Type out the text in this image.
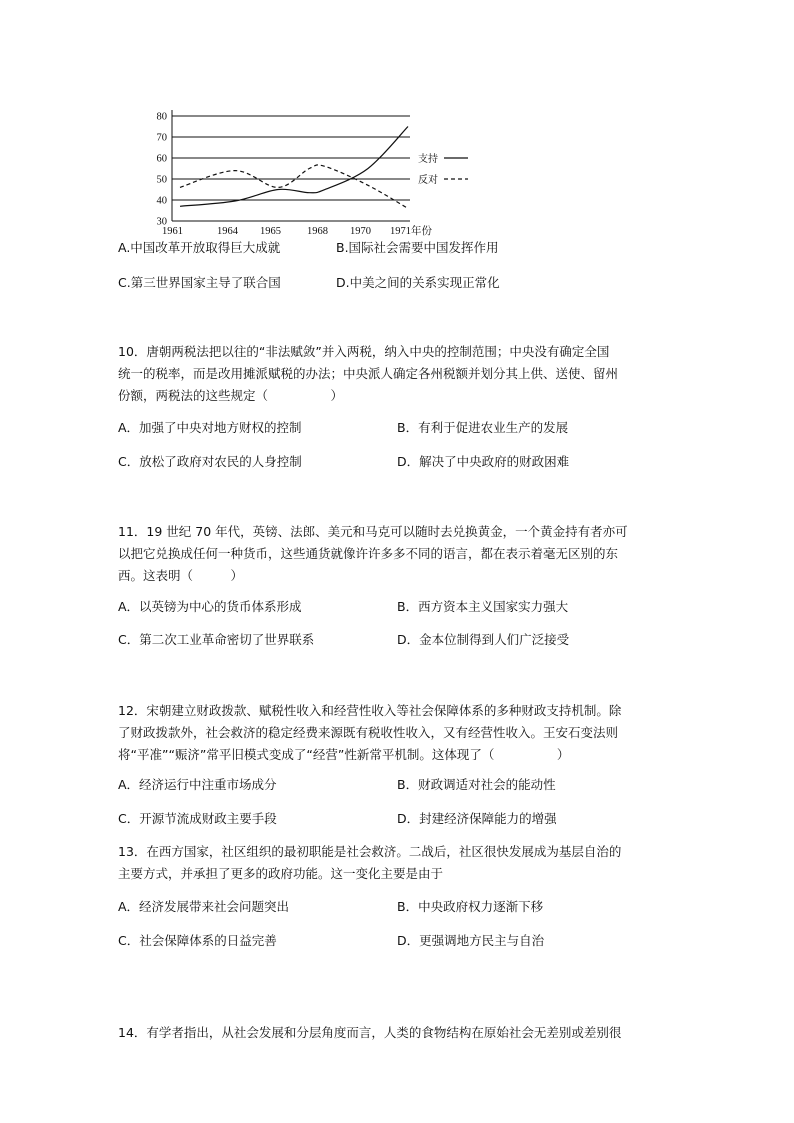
30
40
50
60
70
80
1961	1964 1965 1968 1970 1971年份
支持
反对
A.中国改革开放取得巨大成就	B.国际社会需要中国发挥作用
C.第三世界国家主导了联合国	D.中美之间的关系实现正常化
10．唐朝两税法把以往的“非法赋敛”并入两税，纳入中央的控制范围；中央没有确定全国
统一的税率，而是改用摊派赋税的办法；中央派人确定各州税额并划分其上供、送使、留州
份额，两税法的这些规定（　　　　　）
A．加强了中央对地方财权的控制	B．有利于促进农业生产的发展
C．放松了政府对农民的人身控制	D．解决了中央政府的财政困难
11．19 世纪 70 年代，英镑、法郎、美元和马克可以随时去兑换黄金，一个黄金持有者亦可
以把它兑换成任何一种货币，这些通货就像许许多多不同的语言，都在表示着毫无区别的东
西。这表明（　　　）
A．以英镑为中心的货币体系形成	B．西方资本主义国家实力强大
C．第二次工业革命密切了世界联系	D．金本位制得到人们广泛接受
12．宋朝建立财政拨款、赋税性收入和经营性收入等社会保障体系的多种财政支持机制。除
了财政拨款外，社会救济的稳定经费来源既有税收性收入，又有经营性收入。王安石变法则
将“平准”“赈济”常平旧模式变成了“经营”性新常平机制。这体现了（　　　　　）
A．经济运行中注重市场成分	B．财政调适对社会的能动性
C．开源节流成财政主要手段	D．封建经济保障能力的增强
13．在西方国家，社区组织的最初职能是社会救济。二战后，社区很快发展成为基层自治的
主要方式，并承担了更多的政府功能。这一变化主要是由于
A．经济发展带来社会问题突出	B．中央政府权力逐渐下移
C．社会保障体系的日益完善	D．更强调地方民主与自治
14．有学者指出，从社会发展和分层角度而言，人类的食物结构在原始社会无差别或差别很
